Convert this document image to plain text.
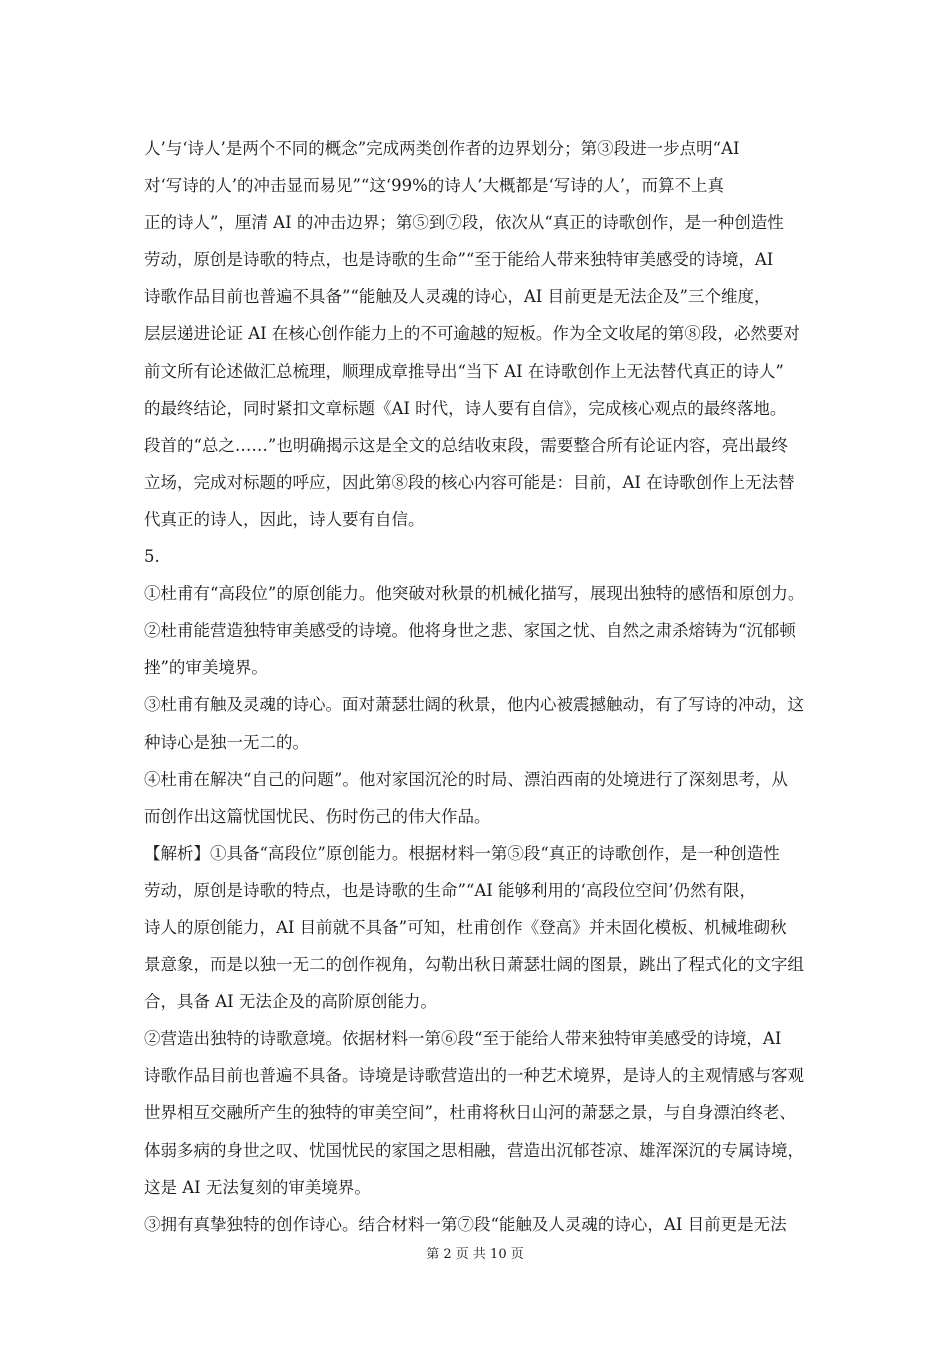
人’与‘诗人’是两个不同的概念”完成两类创作者的边界划分；第③段进一步点明“AI
对‘写诗的人’的冲击显而易见”“这‘99%的诗人’大概都是‘写诗的人’，而算不上真
正的诗人”，厘清 AI 的冲击边界；第⑤到⑦段，依次从“真正的诗歌创作，是一种创造性
劳动，原创是诗歌的特点，也是诗歌的生命”“至于能给人带来独特审美感受的诗境，AI
诗歌作品目前也普遍不具备”“能触及人灵魂的诗心，AI 目前更是无法企及”三个维度，
层层递进论证 AI 在核心创作能力上的不可逾越的短板。作为全文收尾的第⑧段，必然要对
前文所有论述做汇总梳理，顺理成章推导出“当下 AI 在诗歌创作上无法替代真正的诗人”
的最终结论，同时紧扣文章标题《AI 时代，诗人要有自信》，完成核心观点的最终落地。
段首的“总之……”也明确揭示这是全文的总结收束段，需要整合所有论证内容，亮出最终
立场，完成对标题的呼应，因此第⑧段的核心内容可能是：目前，AI 在诗歌创作上无法替
代真正的诗人，因此，诗人要有自信。
5.
①杜甫有“高段位”的原创能力。他突破对秋景的机械化描写，展现出独特的感悟和原创力。
②杜甫能营造独特审美感受的诗境。他将身世之悲、家国之忧、自然之肃杀熔铸为“沉郁顿
挫”的审美境界。
③杜甫有触及灵魂的诗心。面对萧瑟壮阔的秋景，他内心被震撼触动，有了写诗的冲动，这
种诗心是独一无二的。
④杜甫在解决“自己的问题”。他对家国沉沦的时局、漂泊西南的处境进行了深刻思考，从
而创作出这篇忧国忧民、伤时伤己的伟大作品。
【解析】①具备“高段位”原创能力。根据材料一第⑤段“真正的诗歌创作，是一种创造性
劳动，原创是诗歌的特点，也是诗歌的生命”“AI 能够利用的‘高段位空间’仍然有限，
诗人的原创能力，AI 目前就不具备”可知，杜甫创作《登高》并未固化模板、机械堆砌秋
景意象，而是以独一无二的创作视角，勾勒出秋日萧瑟壮阔的图景，跳出了程式化的文字组
合，具备 AI 无法企及的高阶原创能力。
②营造出独特的诗歌意境。依据材料一第⑥段“至于能给人带来独特审美感受的诗境，AI
诗歌作品目前也普遍不具备。诗境是诗歌营造出的一种艺术境界，是诗人的主观情感与客观
世界相互交融所产生的独特的审美空间”，杜甫将秋日山河的萧瑟之景，与自身漂泊终老、
体弱多病的身世之叹、忧国忧民的家国之思相融，营造出沉郁苍凉、雄浑深沉的专属诗境，
这是 AI 无法复刻的审美境界。
③拥有真挚独特的创作诗心。结合材料一第⑦段“能触及人灵魂的诗心，AI 目前更是无法
第 2 页 共 10 页
